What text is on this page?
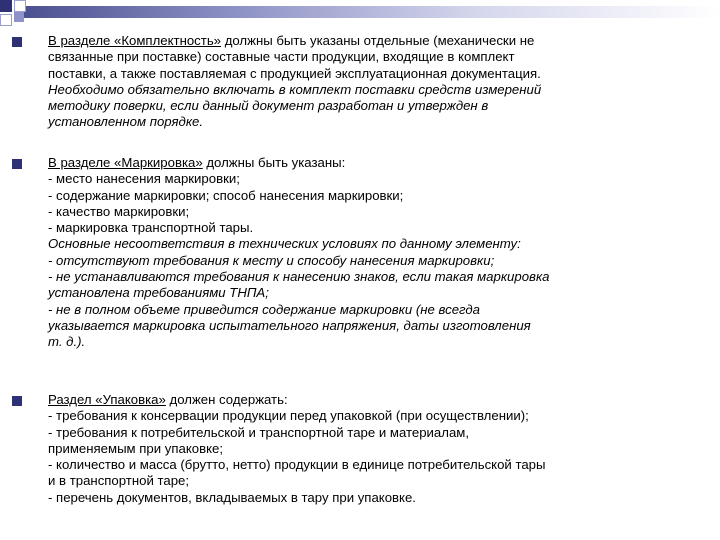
В разделе «Комплектность» должны быть указаны отдельные (механически не
связанные при поставке) составные части продукции, входящие в комплект
поставки, а также поставляемая с продукцией эксплуатационная документация.
Необходимо обязательно включать в комплект поставки средств измерений
методику поверки, если данный документ разработан и утвержден в
установленном порядке.
В разделе «Маркировка» должны быть указаны:
- место нанесения маркировки;
- содержание маркировки; способ нанесения маркировки;
- качество маркировки;
- маркировка транспортной тары.
Основные несоответствия в технических условиях по данному элементу:
- отсутствуют требования к месту и способу нанесения маркировки;
- не устанавливаются требования к нанесению знаков, если такая маркировка
установлена требованиями ТНПА;
- не в полном объеме приведится содержание маркировки (не всегда
указывается маркировка испытательного напряжения, даты изготовления
т. д.).
Раздел «Упаковка» должен содержать:
- требования к консервации продукции перед упаковкой (при осуществлении);
- требования к потребительской и транспортной таре и материалам,
применяемым при упаковке;
- количество и масса (брутто, нетто) продукции в единице потребительской тары
и в транспортной таре;
- перечень документов, вкладываемых в тару при упаковке.
